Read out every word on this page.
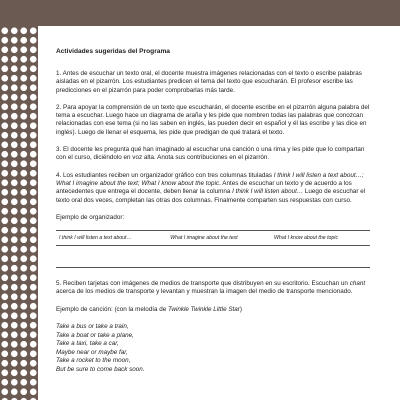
Actividades sugeridas del Programa

1. Antes de escuchar un texto oral, el docente muestra imágenes relacionadas con el texto o escribe palabras aisladas en el pizarrón. Los estudiantes predicen el tema del texto que escucharán. El profesor escribe las predicciones en el pizarrón para poder comprobarlas más tarde.

2. Para apoyar la comprensión de un texto que escucharán, el docente escribe en el pizarrón alguna palabra del tema a escuchar. Luego hace un diagrama de araña y les pide que nombren todas las palabras que conozcan relacionadas con ese tema (si no las saben en inglés, las pueden decir en español y él las escribe y las dice en inglés). Luego de llenar el esquema, les pide que predigan de qué tratará el texto.

3. El docente les pregunta qué han imaginado al escuchar una canción o una rima y les pide que lo compartan con el curso, diciéndolo en voz alta. Anota sus contribuciones en el pizarrón.

4. Los estudiantes reciben un organizador gráfico con tres columnas tituladas I think I will listen a text about…; What I imagine about the text; What I know about the topic. Antes de escuchar un texto y de acuerdo a los antecedentes que entrega el docente, deben llenar la columna I think I will listen about… Luego de escuchar el texto oral dos veces, completan las otras dos columnas. Finalmente comparten sus respuestas con curso.

Ejemplo de organizador:

I think I will listen a text about…	What I imagine about the text	What I know about the topic

5. Reciben tarjetas con imágenes de medios de transporte que distribuyen en su escritorio. Escuchan un chant acerca de los medios de transporte y levantan y muestran la imagen del medio de transporte mencionado.

Ejemplo de canción: (con la melodía de Twinkle Twinkle Little Star)

Take a bus or take a train,

Take a boat or take a plane,

Take a taxi, take a car,

Maybe near or maybe far,

Take a rocket to the moon,

But be sure to come back soon.
